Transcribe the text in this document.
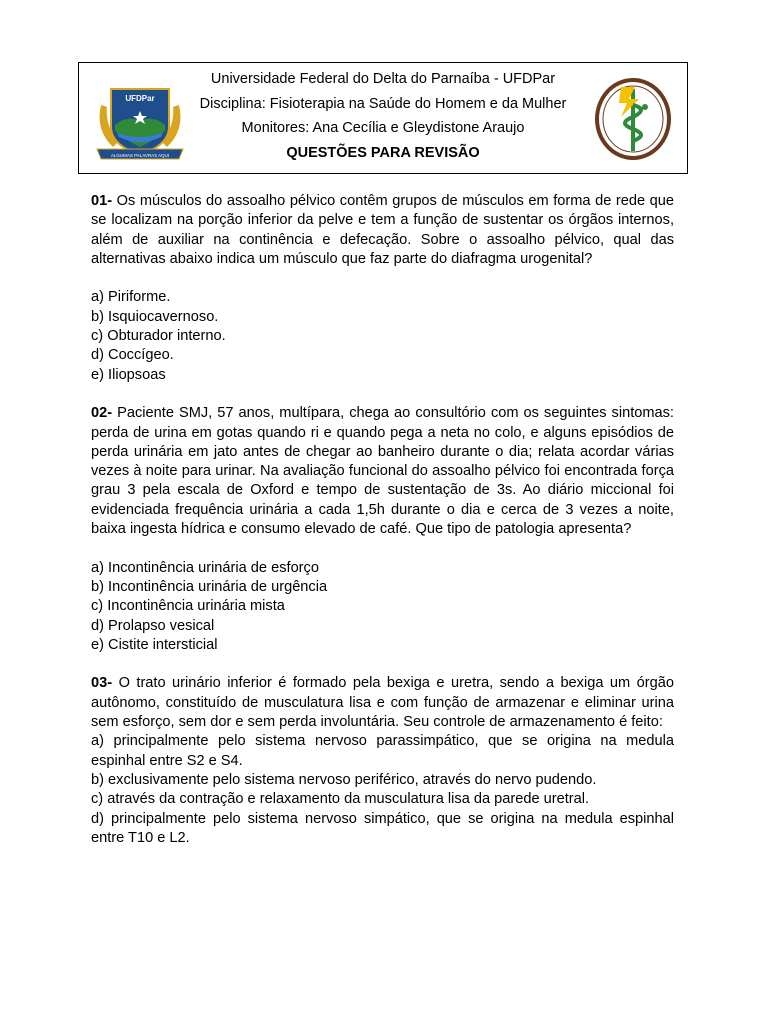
ALGUMAS PALAVRAS AQUI
UFDPar
Universidade Federal do Delta do Parnaíba - UFDPar
Disciplina: Fisioterapia na Saúde do Homem e da Mulher
Monitores: Ana Cecília e Gleydistone Araujo
QUESTÕES PARA REVISÃO

01- Os músculos do assoalho pélvico contêm grupos de músculos em forma de rede que se localizam na porção inferior da pelve e tem a função de sustentar os órgãos internos, além de auxiliar na continência e defecação. Sobre o assoalho pélvico, qual das alternativas abaixo indica um músculo que faz parte do diafragma urogenital?

a) Piriforme.
b) Isquiocavernoso.
c) Obturador interno.
d) Coccígeo.
e) Iliopsoas

02- Paciente SMJ, 57 anos, multípara, chega ao consultório com os seguintes sintomas: perda de urina em gotas quando ri e quando pega a neta no colo, e alguns episódios de perda urinária em jato antes de chegar ao banheiro durante o dia; relata acordar várias vezes à noite para urinar. Na avaliação funcional do assoalho pélvico foi encontrada força grau 3 pela escala de Oxford e tempo de sustentação de 3s. Ao diário miccional foi evidenciada frequência urinária a cada 1,5h durante o dia e cerca de 3 vezes a noite, baixa ingesta hídrica e consumo elevado de café. Que tipo de patologia apresenta?

a) Incontinência urinária de esforço
b) Incontinência urinária de urgência
c) Incontinência urinária mista
d) Prolapso vesical
e) Cistite intersticial

03- O trato urinário inferior é formado pela bexiga e uretra, sendo a bexiga um órgão autônomo, constituído de musculatura lisa e com função de armazenar e eliminar urina sem esforço, sem dor e sem perda involuntária. Seu controle de armazenamento é feito:

a) principalmente pelo sistema nervoso parassimpático, que se origina na medula espinhal entre S2 e S4.
b) exclusivamente pelo sistema nervoso periférico, através do nervo pudendo.
c) através da contração e relaxamento da musculatura lisa da parede uretral.
d) principalmente pelo sistema nervoso simpático, que se origina na medula espinhal entre T10 e L2.
